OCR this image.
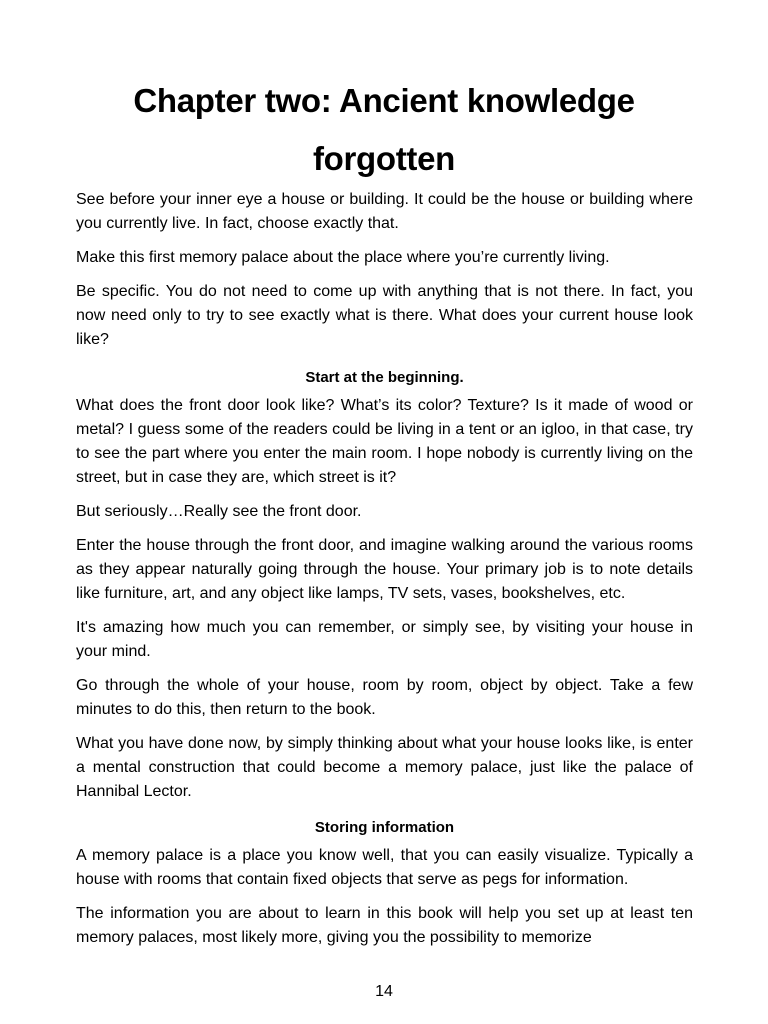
Chapter two: Ancient knowledge forgotten

See before your inner eye a house or building. It could be the house or building where you currently live. In fact, choose exactly that.

Make this first memory palace about the place where you’re currently living.

Be specific. You do not need to come up with anything that is not there. In fact, you now need only to try to see exactly what is there. What does your current house look like?

Start at the beginning.

What does the front door look like? What’s its color? Texture? Is it made of wood or metal? I guess some of the readers could be living in a tent or an igloo, in that case, try to see the part where you enter the main room. I hope nobody is currently living on the street, but in case they are, which street is it?

But seriously…Really see the front door.

Enter the house through the front door, and imagine walking around the various rooms as they appear naturally going through the house. Your primary job is to note details like furniture, art, and any object like lamps, TV sets, vases, bookshelves, etc.

It's amazing how much you can remember, or simply see, by visiting your house in your mind.

Go through the whole of your house, room by room, object by object. Take a few minutes to do this, then return to the book.

What you have done now, by simply thinking about what your house looks like, is enter a mental construction that could become a memory palace, just like the palace of Hannibal Lector.

Storing information

A memory palace is a place you know well, that you can easily visualize. Typically a house with rooms that contain fixed objects that serve as pegs for information.

The information you are about to learn in this book will help you set up at least ten memory palaces, most likely more, giving you the possibility to memorize

14
